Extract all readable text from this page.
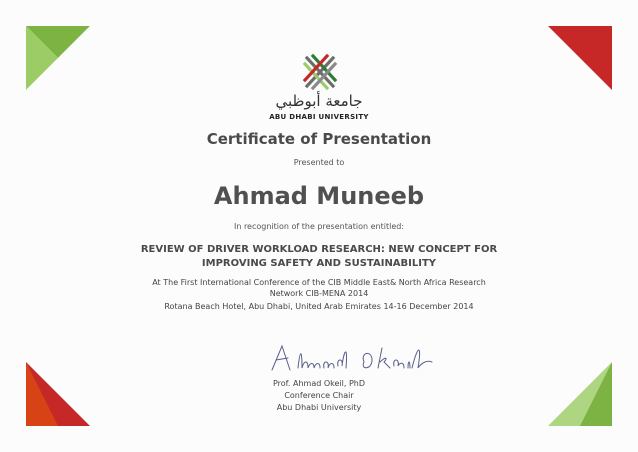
جامعة أبوظبي
ABU DHABI UNIVERSITY
Certificate of Presentation
Presented to
Ahmad Muneeb
In recognition of the presentation entitled:
REVIEW OF DRIVER WORKLOAD RESEARCH: NEW CONCEPT FOR IMPROVING SAFETY AND SUSTAINABILITY
At The First International Conference of the CIB Middle East& North Africa Research Network CIB-MENA 2014
Rotana Beach Hotel, Abu Dhabi, United Arab Emirates 14-16 December 2014
Prof. Ahmad Okeil, PhD
Conference Chair
Abu Dhabi University
